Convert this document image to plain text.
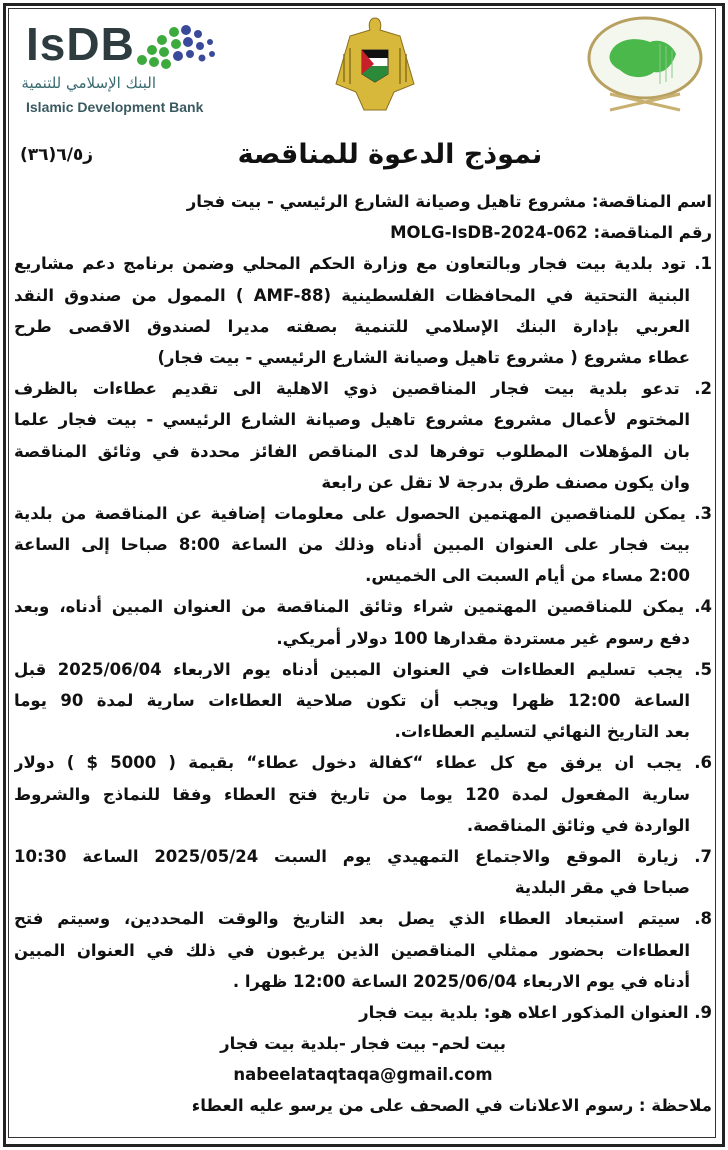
IsDB
البنك الإسلامي للتنمية
Islamic Development Bank
نموذج الدعوة للمناقصة
ز٦/٥(٣٦)
اسم المناقصة: مشروع تاهيل وصيانة الشارع الرئيسي - بيت فجار
رقم المناقصة: MOLG-IsDB-2024-062
1. تود بلدية بيت فجار وبالتعاون مع وزارة الحكم المحلي وضمن برنامج دعم مشاريع
البنية التحتية في المحافظات الفلسطينية (AMF-88 ) الممول من صندوق النقد
العربي بإدارة البنك الإسلامي للتنمية بصفته مديرا لصندوق الاقصى طرح
عطاء مشروع ( مشروع تاهيل وصيانة الشارع الرئيسي - بيت فجار)
2. تدعو بلدية بيت فجار المناقصين ذوي الاهلية الى تقديم عطاءات بالظرف
المختوم لأعمال مشروع مشروع تاهيل وصيانة الشارع الرئيسي - بيت فجار علما
بان المؤهلات المطلوب توفرها لدى المناقص الفائز محددة في وثائق المناقصة
وان يكون مصنف طرق بدرجة لا تقل عن رابعة
3. يمكن للمناقصين المهتمين الحصول على معلومات إضافية عن المناقصة من بلدية
بيت فجار على العنوان المبين أدناه وذلك من الساعة 8:00 صباحا إلى الساعة
2:00 مساء من أيام السبت الى الخميس.
4. يمكن للمناقصين المهتمين شراء وثائق المناقصة من العنوان المبين أدناه، وبعد
دفع رسوم غير مستردة مقدارها 100 دولار أمريكي.
5. يجب تسليم العطاءات في العنوان المبين أدناه يوم الاربعاء 2025/06/04 قبل
الساعة 12:00 ظهرا ويجب أن تكون صلاحية العطاءات سارية لمدة 90 يوما
بعد التاريخ النهائي لتسليم العطاءات.
6. يجب ان يرفق مع كل عطاء “كفالة دخول عطاء“ بقيمة ( 5000 $ ) دولار
سارية المفعول لمدة 120 يوما من تاريخ فتح العطاء وفقا للنماذج والشروط
الواردة في وثائق المناقصة.
7. زيارة الموقع والاجتماع التمهيدي يوم السبت 2025/05/24 الساعة 10:30
صباحا في مقر البلدية
8. سيتم استبعاد العطاء الذي يصل بعد التاريخ والوقت المحددين، وسيتم فتح
العطاءات بحضور ممثلي المناقصين الذين يرغبون في ذلك في العنوان المبين
أدناه في يوم الاربعاء 2025/06/04 الساعة 12:00 ظهرا .
9. العنوان المذكور اعلاه هو: بلدية بيت فجار
بيت لحم- بيت فجار -بلدية بيت فجار
nabeelataqtaqa@gmail.com
ملاحظة : رسوم الاعلانات في الصحف على من يرسو عليه العطاء
